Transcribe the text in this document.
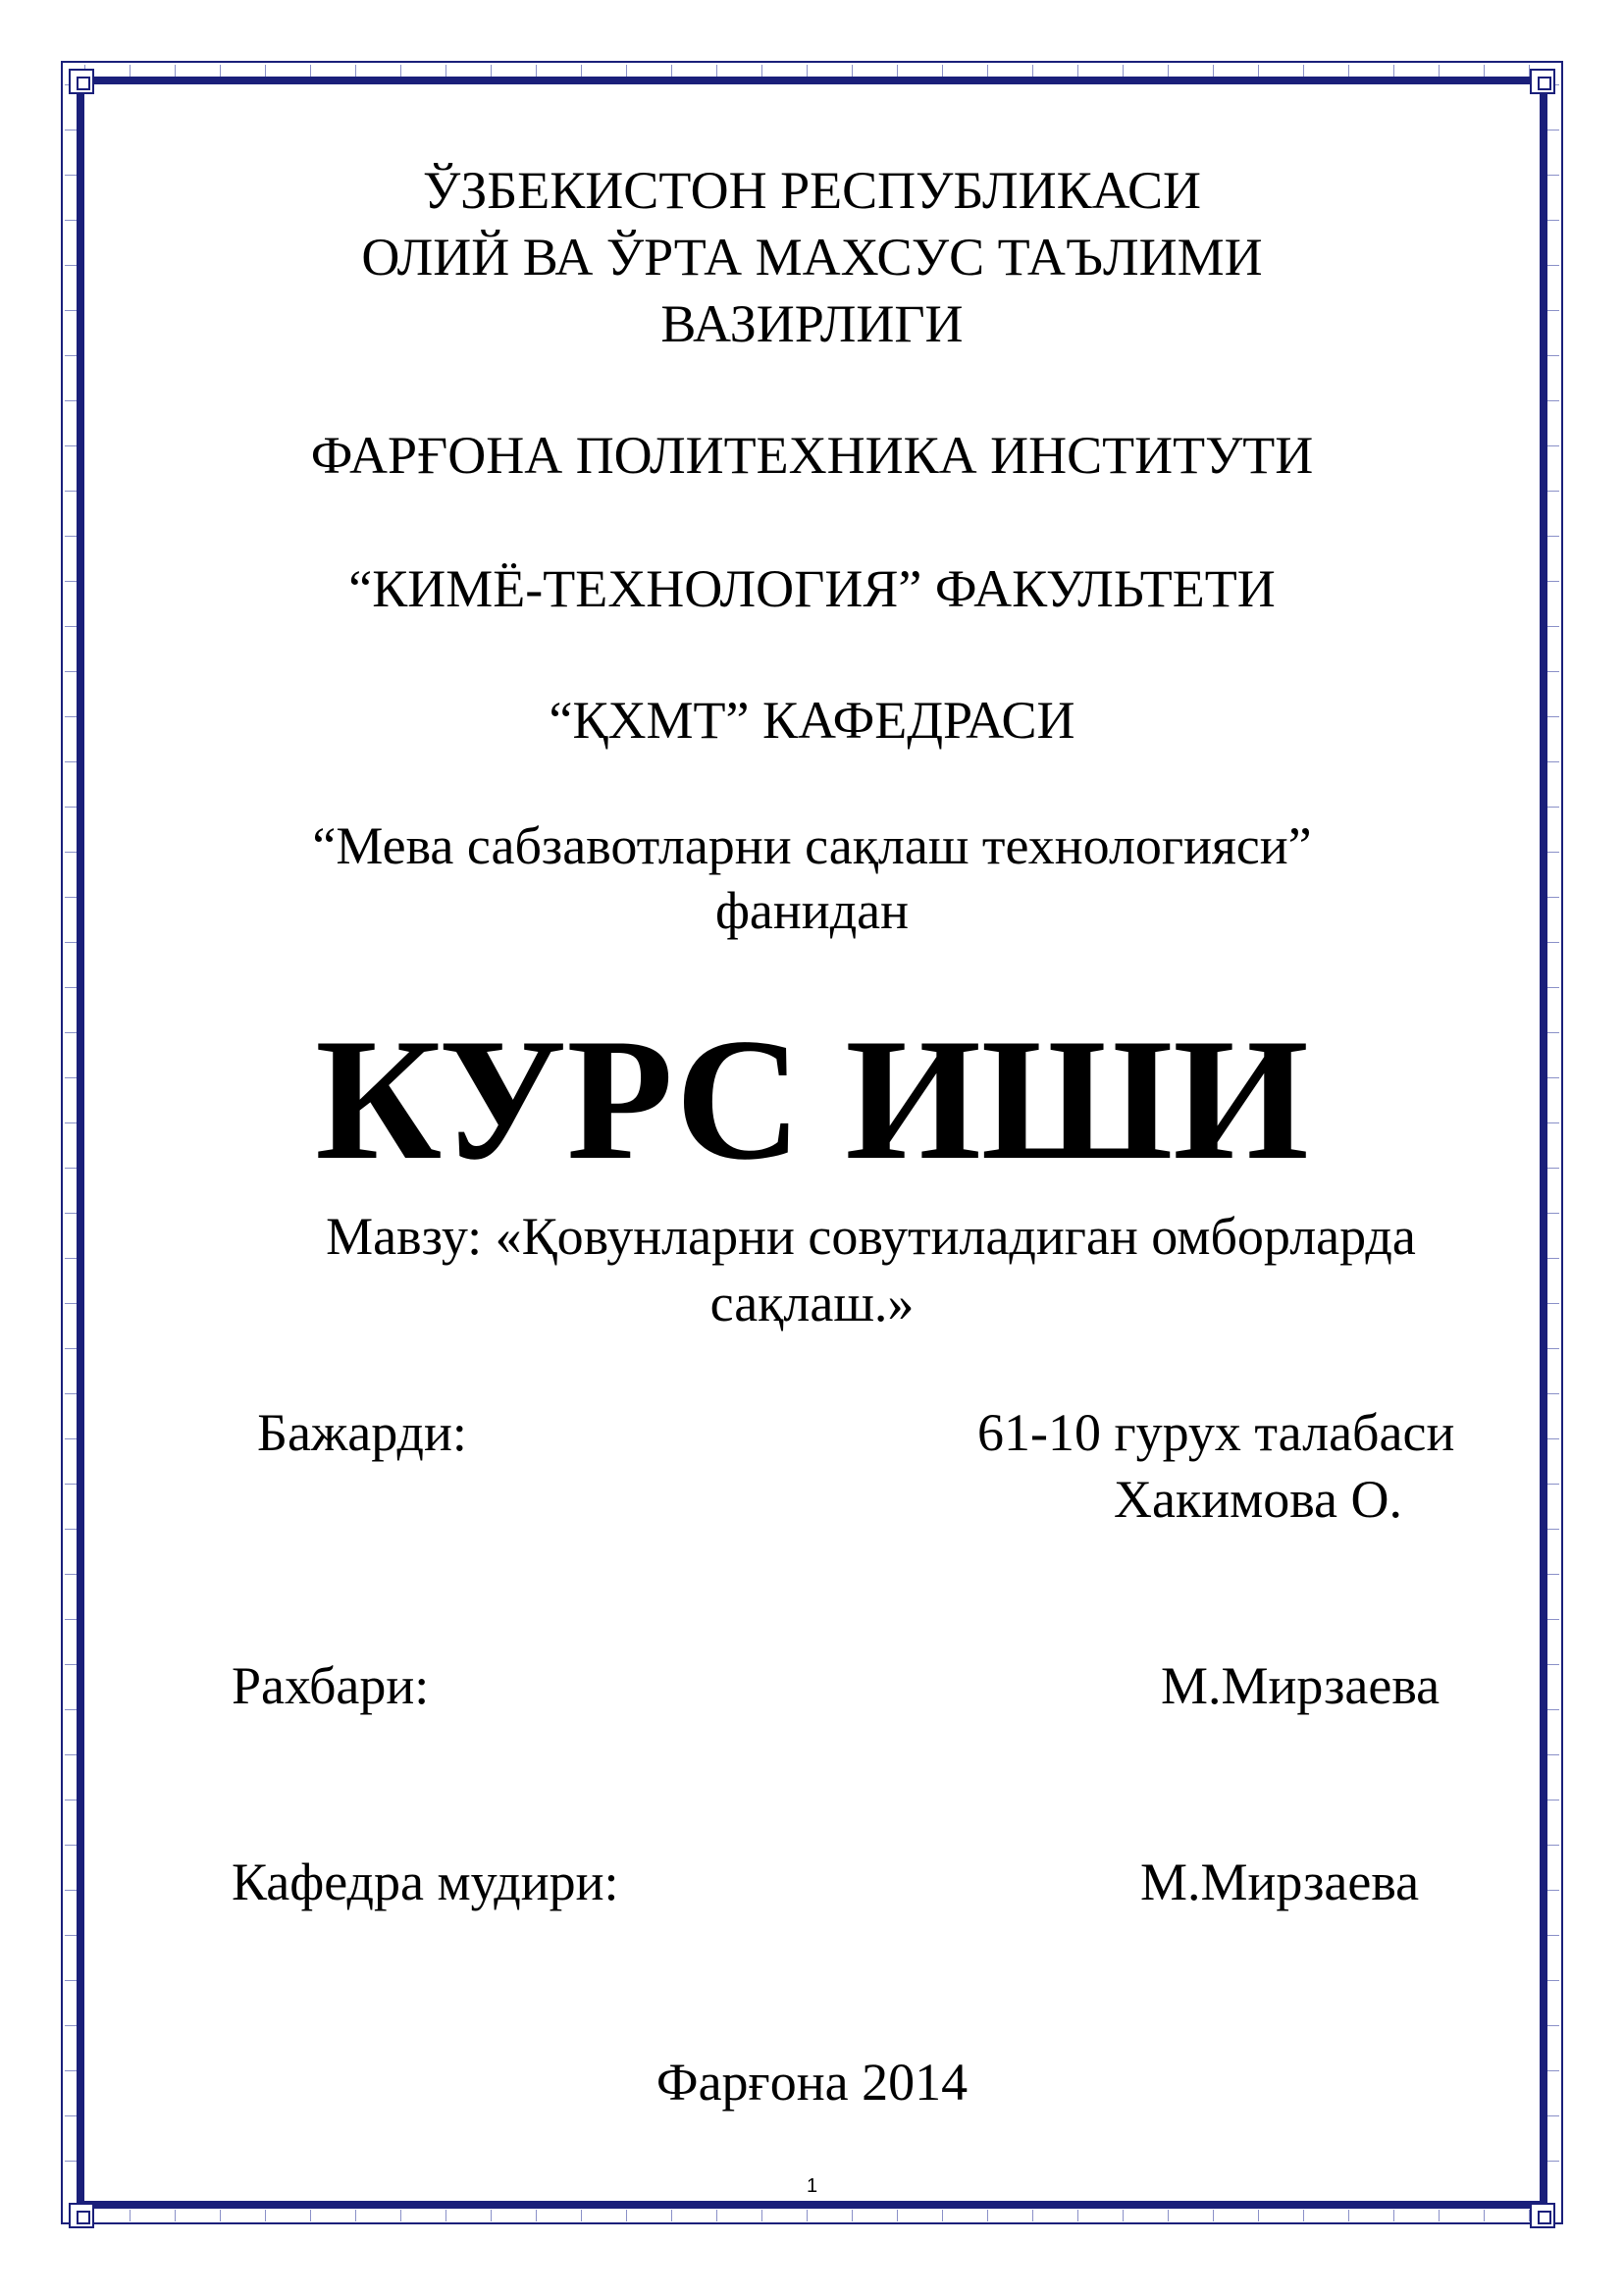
ЎЗБЕКИСТОН РЕСПУБЛИКАСИ
ОЛИЙ ВА ЎРТА МАХСУС ТАЪЛИМИ
ВАЗИРЛИГИ
ФАРҒОНА ПОЛИТЕХНИКА ИНСТИТУТИ
“КИМЁ-ТЕХНОЛОГИЯ” ФАКУЛЬТЕТИ
“ҚХМТ” КАФЕДРАСИ
“Мева сабзавотларни сақлаш технологияси”
фанидан
КУРС ИШИ
Мавзу: «Қовунларни совутиладиган омборларда
сақлаш.»
Бажарди:	61-10 гурух талабаси
Хакимова О.
Рахбари:	М.Мирзаева
Кафедра мудири:	М.Мирзаева
Фарғона 2014
1
